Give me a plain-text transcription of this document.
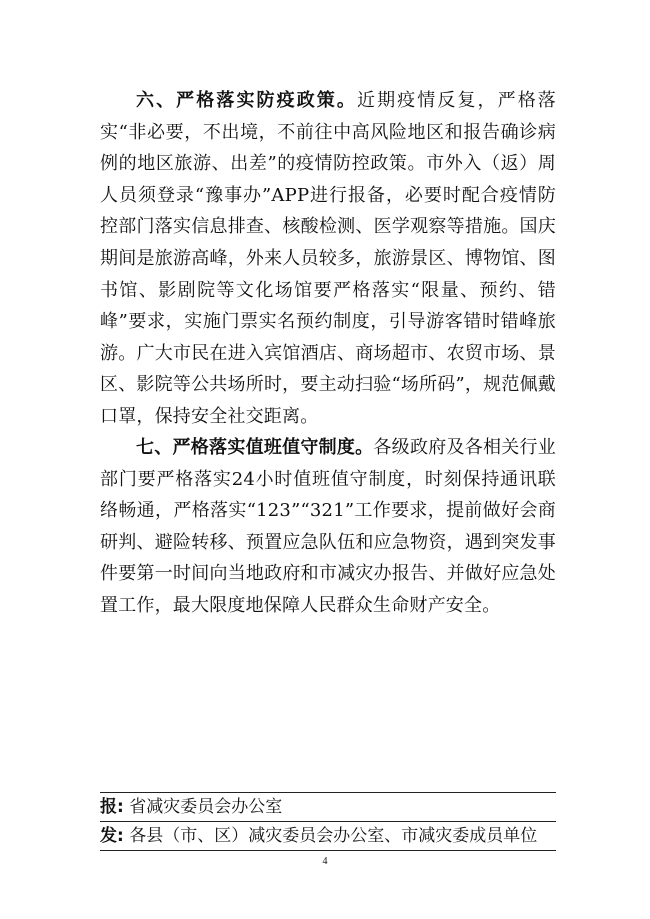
六、严格落实防疫政策。近期疫情反复，严格落实“非必要，不出境，不前往中高风险地区和报告确诊病例的地区旅游、出差”的疫情防控政策。市外入（返）周人员须登录“豫事办”APP进行报备，必要时配合疫情防控部门落实信息排查、核酸检测、医学观察等措施。国庆期间是旅游高峰，外来人员较多，旅游景区、博物馆、图书馆、影剧院等文化场馆要严格落实“限量、预约、错峰”要求，实施门票实名预约制度，引导游客错时错峰旅游。广大市民在进入宾馆酒店、商场超市、农贸市场、景区、影院等公共场所时，要主动扫验“场所码”，规范佩戴口罩，保持安全社交距离。

七、严格落实值班值守制度。各级政府及各相关行业部门要严格落实24小时值班值守制度，时刻保持通讯联络畅通，严格落实“123”“321”工作要求，提前做好会商研判、避险转移、预置应急队伍和应急物资，遇到突发事件要第一时间向当地政府和市减灾办报告、并做好应急处置工作，最大限度地保障人民群众生命财产安全。

报: 省减灾委员会办公室
发: 各县（市、区）减灾委员会办公室、市减灾委成员单位
4
